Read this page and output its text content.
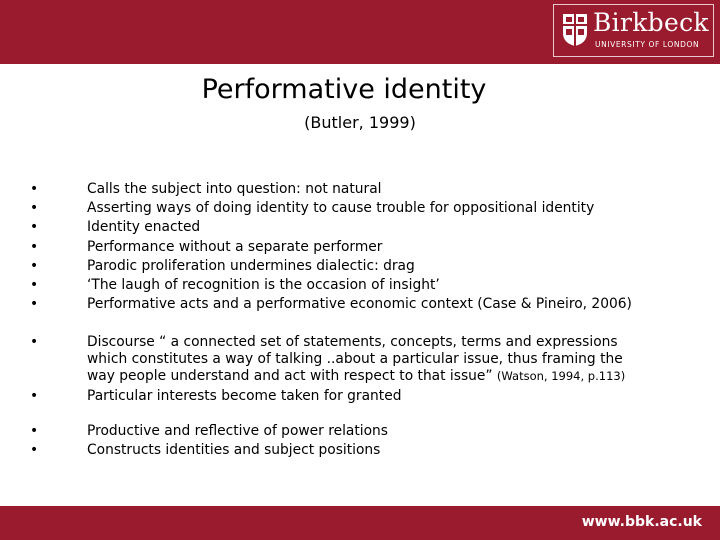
Birkbeck
UNIVERSITY OF LONDON
Performative identity
(Butler, 1999)
•	Calls the subject into question: not natural
•	Asserting ways of doing identity to cause trouble for oppositional identity
•	Identity enacted
•	Performance without a separate performer
•	Parodic proliferation undermines dialectic: drag
•	‘The laugh of recognition is the occasion of insight’
•	Performative acts and a performative economic context (Case & Pineiro, 2006)
•	Discourse “ a connected set of statements, concepts, terms and expressions which constitutes a way of talking ..about a particular issue, thus framing the way people understand and act with respect to that issue” (Watson, 1994, p.113)
•	Particular interests become taken for granted
•	Productive and reflective of power relations
•	Constructs identities and subject positions
www.bbk.ac.uk
